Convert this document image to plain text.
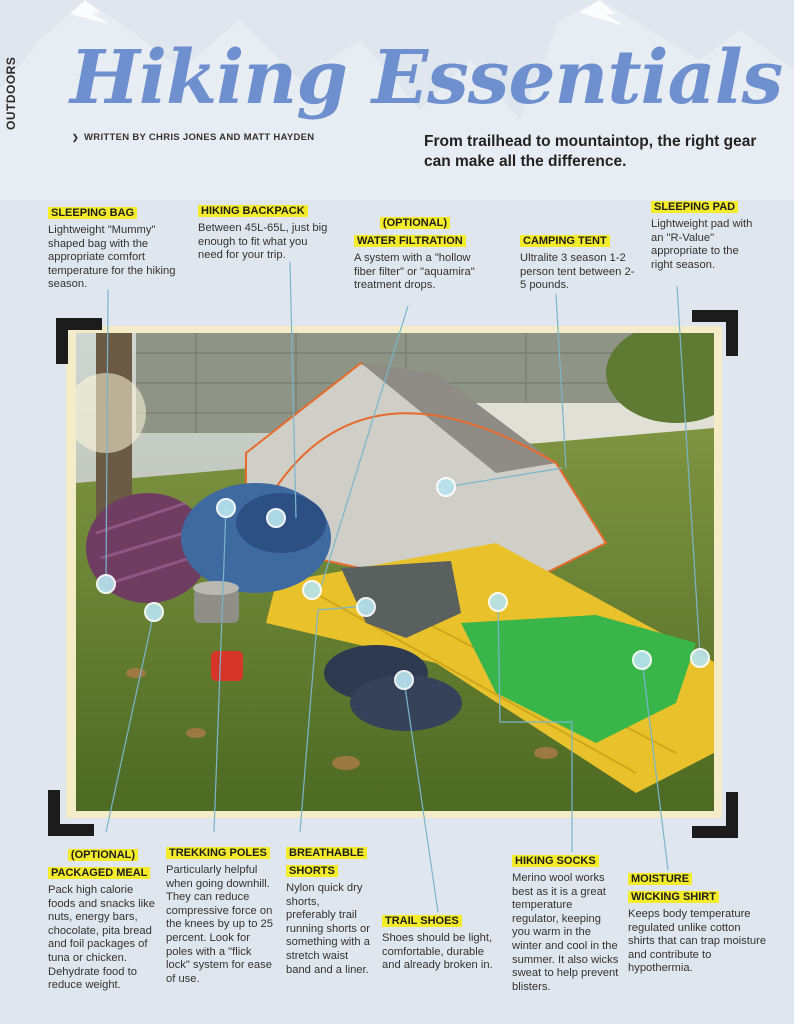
OUTDOORS Hiking Essentials
❯ WRITTEN BY CHRIS JONES AND MATT HAYDEN	From trailhead to mountaintop, the right gear can make all the difference.
SLEEPING BAG
Lightweight "Mummy" shaped bag with the appropriate comfort temperature for the hiking season.
HIKING BACKPACK
Between 45L-65L, just big enough to fit what you need for your trip.
(OPTIONAL)
WATER FILTRATION
A system with a "hollow fiber filter" or "aquamira" treatment drops.
CAMPING TENT
Ultralite 3 season 1-2 person tent between 2-5 pounds.
SLEEPING PAD
Lightweight pad with an "R-Value" appropriate to the right season.
(OPTIONAL)
PACKAGED MEAL
Pack high calorie foods and snacks like nuts, energy bars, chocolate, pita bread and foil packages of tuna or chicken. Dehydrate food to reduce weight.
TREKKING POLES
Particularly helpful when going downhill. They can reduce compressive force on the knees by up to 25 percent. Look for poles with a "flick lock" system for ease of use.
BREATHABLE
SHORTS
Nylon quick dry shorts, preferably trail running shorts or something with a stretch waist band and a liner.
TRAIL SHOES
Shoes should be light, comfortable, durable and already broken in.
HIKING SOCKS
Merino wool works best as it is a great temperature regulator, keeping you warm in the winter and cool in the summer. It also wicks sweat to help prevent blisters.
MOISTURE
WICKING SHIRT
Keeps body temperature regulated unlike cotton shirts that can trap moisture and contribute to hypothermia.
